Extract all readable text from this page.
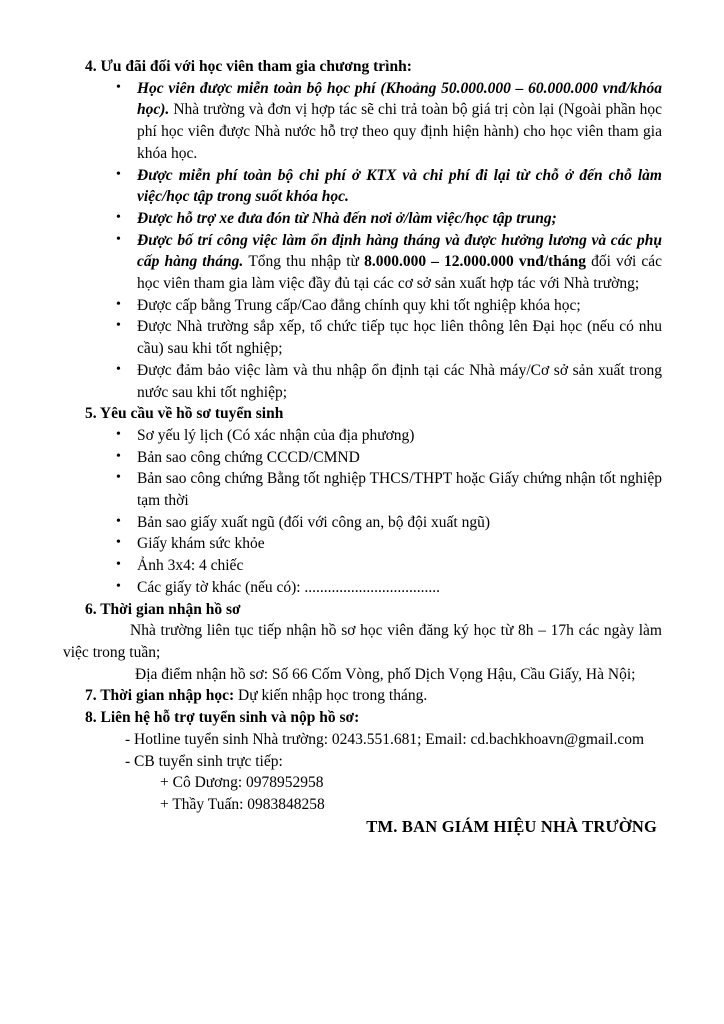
4. Ưu đãi đối với học viên tham gia chương trình:
• Học viên được miễn toàn bộ học phí (Khoảng 50.000.000 – 60.000.000 vnđ/khóa học). Nhà trường và đơn vị hợp tác sẽ chi trả toàn bộ giá trị còn lại (Ngoài phần học phí học viên được Nhà nước hỗ trợ theo quy định hiện hành) cho học viên tham gia khóa học.
• Được miễn phí toàn bộ chi phí ở KTX và chi phí đi lại từ chỗ ở đến chỗ làm việc/học tập trong suốt khóa học.
• Được hỗ trợ xe đưa đón từ Nhà đến nơi ở/làm việc/học tập trung;
• Được bố trí công việc làm ổn định hàng tháng và được hưởng lương và các phụ cấp hàng tháng. Tổng thu nhập từ 8.000.000 – 12.000.000 vnđ/tháng đối với các học viên tham gia làm việc đầy đủ tại các cơ sở sản xuất hợp tác với Nhà trường;
• Được cấp bằng Trung cấp/Cao đẳng chính quy khi tốt nghiệp khóa học;
• Được Nhà trường sắp xếp, tổ chức tiếp tục học liên thông lên Đại học (nếu có nhu cầu) sau khi tốt nghiệp;
• Được đảm bảo việc làm và thu nhập ổn định tại các Nhà máy/Cơ sở sản xuất trong nước sau khi tốt nghiệp;
5. Yêu cầu về hồ sơ tuyển sinh
• Sơ yếu lý lịch (Có xác nhận của địa phương)
• Bản sao công chứng CCCD/CMND
• Bản sao công chứng Bằng tốt nghiệp THCS/THPT hoặc Giấy chứng nhận tốt nghiệp tạm thời
• Bản sao giấy xuất ngũ (đối với công an, bộ đội xuất ngũ)
• Giấy khám sức khỏe
• Ảnh 3x4: 4 chiếc
• Các giấy tờ khác (nếu có): ...................................
6. Thời gian nhận hồ sơ
Nhà trường liên tục tiếp nhận hồ sơ học viên đăng ký học từ 8h – 17h các ngày làm việc trong tuần;
Địa điểm nhận hồ sơ: Số 66 Cốm Vòng, phố Dịch Vọng Hậu, Cầu Giấy, Hà Nội;
7. Thời gian nhập học: Dự kiến nhập học trong tháng.
8. Liên hệ hỗ trợ tuyển sinh và nộp hồ sơ:
- Hotline tuyển sinh Nhà trường: 0243.551.681; Email: cd.bachkhoavn@gmail.com
- CB tuyển sinh trực tiếp:
+ Cô Dương: 0978952958
+ Thầy Tuấn: 0983848258
TM. BAN GIÁM HIỆU NHÀ TRƯỜNG
